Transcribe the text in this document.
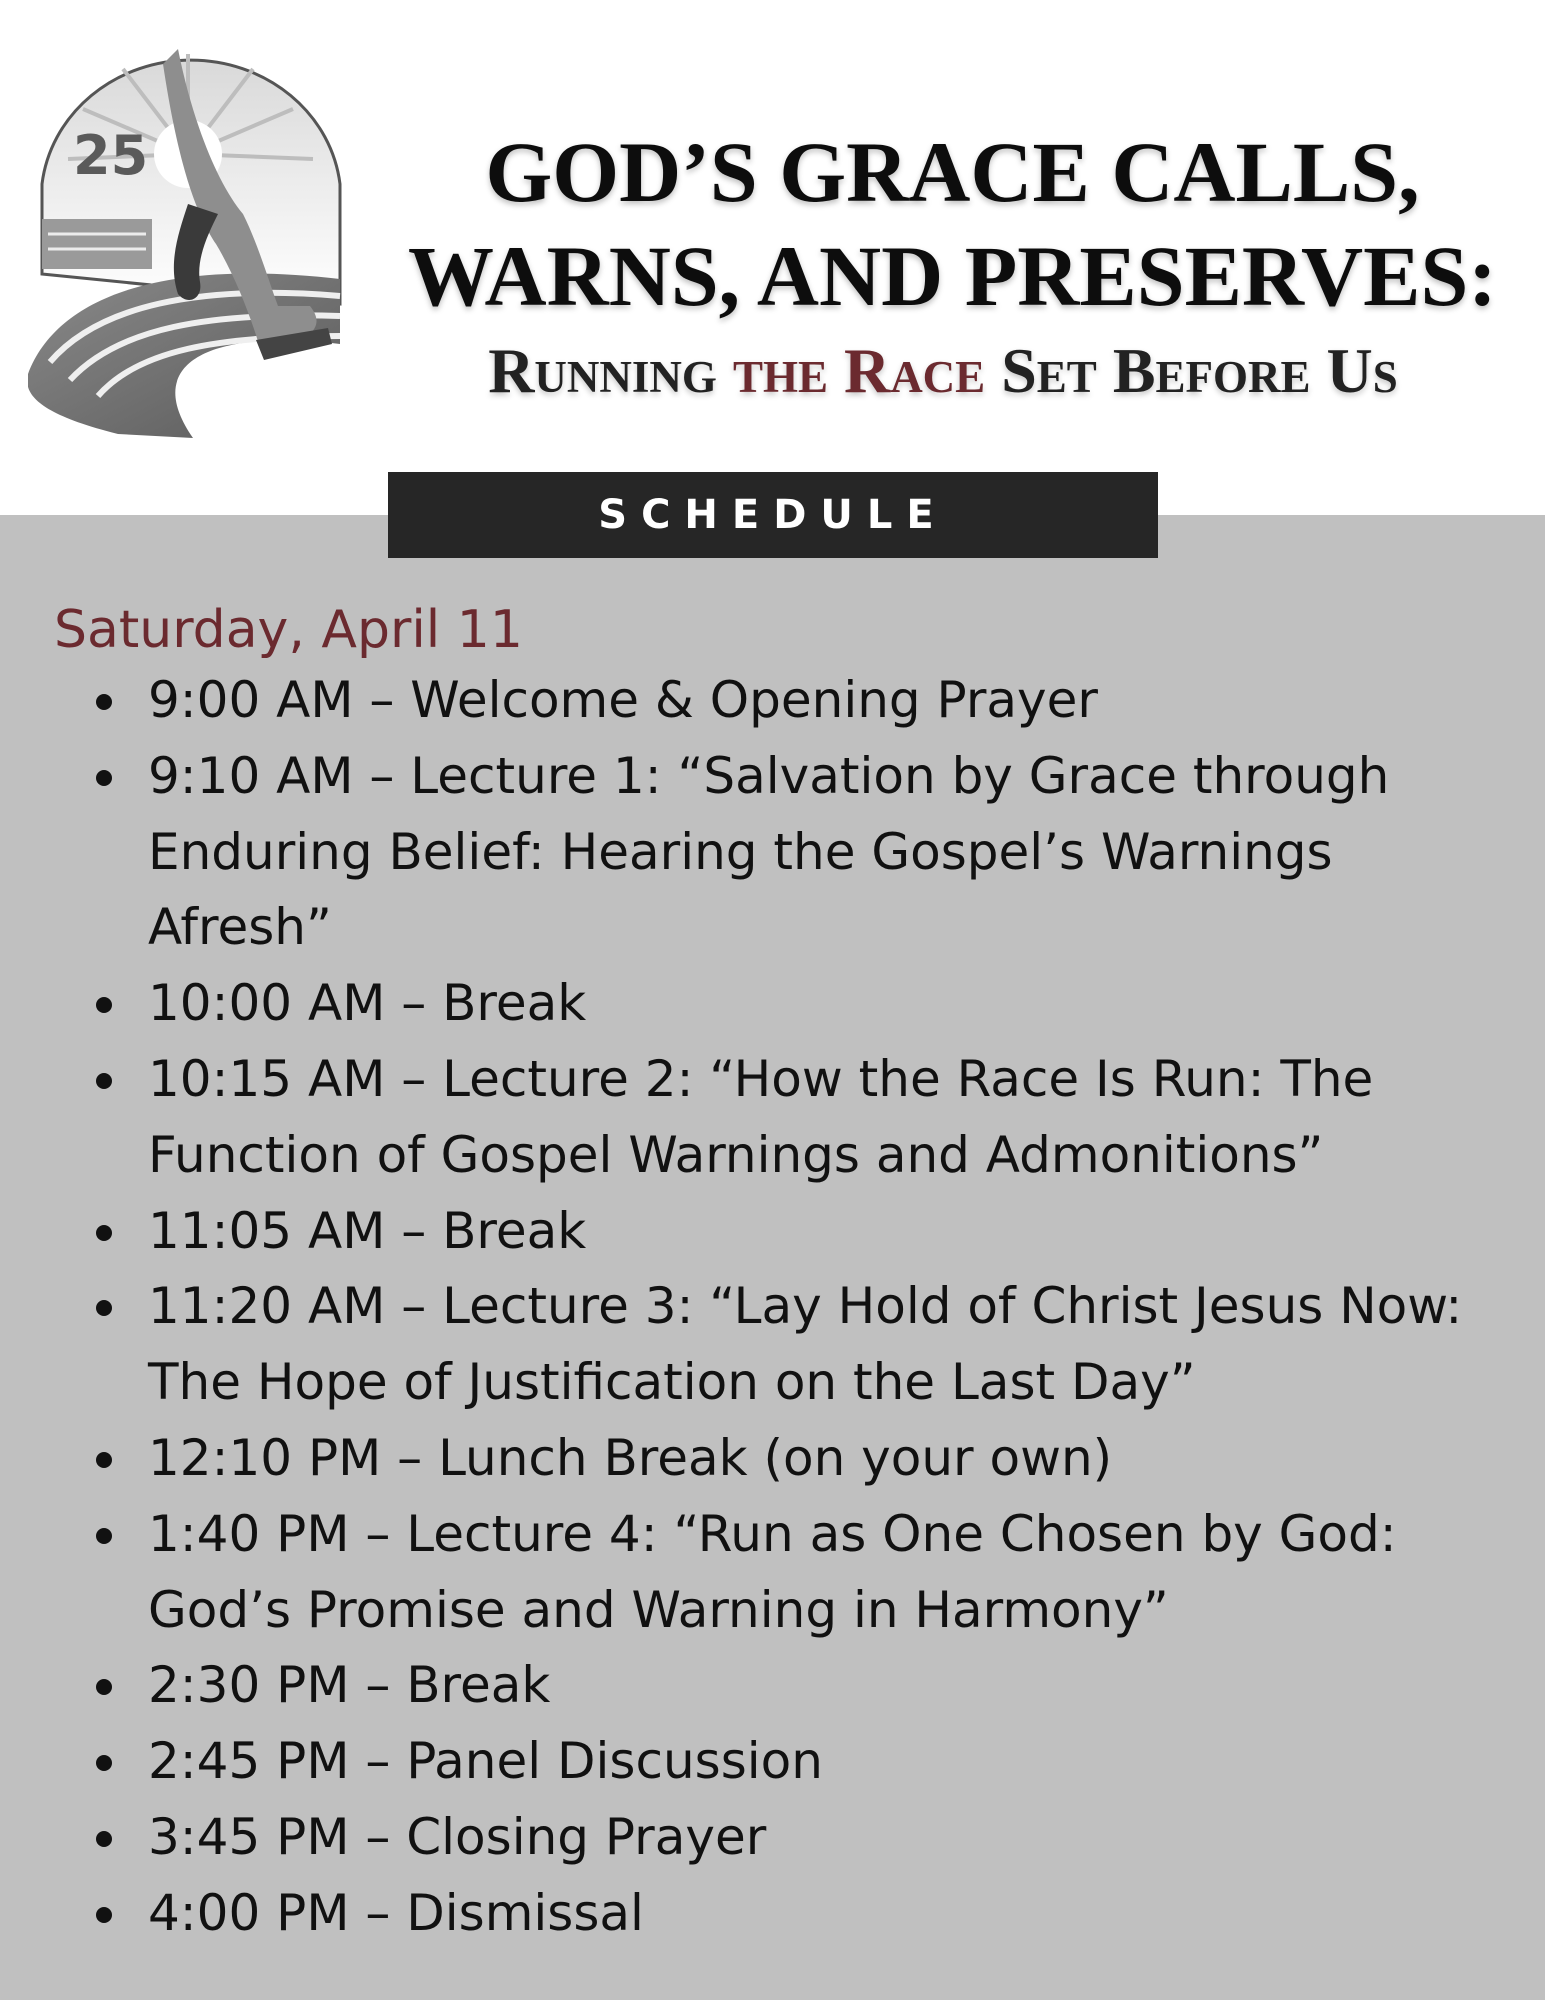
25	GOD’S GRACE CALLS,
WARNS, AND PRESERVES:
Running the Race Set Before Us
SCHEDULE
Saturday, April 11
9:00 AM – Welcome & Opening Prayer
9:10 AM – Lecture 1: “Salvation by Grace through Enduring Belief: Hearing the Gospel’s Warnings Afresh”
10:00 AM – Break
10:15 AM – Lecture 2: “How the Race Is Run: The Function of Gospel Warnings and Admonitions”
11:05 AM – Break
11:20 AM – Lecture 3: “Lay Hold of Christ Jesus Now: The Hope of Justification on the Last Day”
12:10 PM – Lunch Break (on your own)
1:40 PM – Lecture 4: “Run as One Chosen by God: God’s Promise and Warning in Harmony”
2:30 PM – Break
2:45 PM – Panel Discussion
3:45 PM – Closing Prayer
4:00 PM – Dismissal
